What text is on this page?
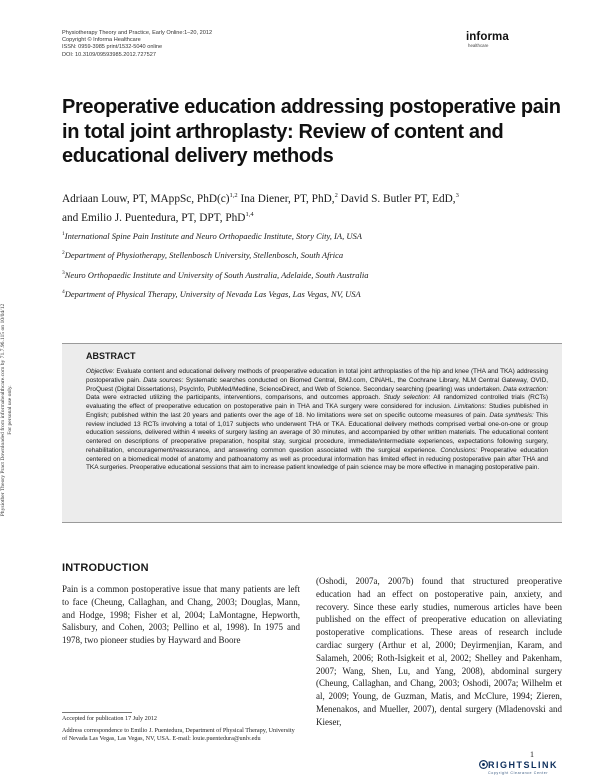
Physiotherapy Theory and Practice, Early Online:1–20, 2012
Copyright © Informa Healthcare
ISSN: 0959-3985 print/1532-5040 online
DOI: 10.3109/09593985.2012.727527
informa
healthcare
Preoperative education addressing postoperative pain in total joint arthroplasty: Review of content and educational delivery methods
Adriaan Louw, PT, MAppSc, $PhD(c)^{1,2}$ Ina Diener, PT, PhD,$^2$ David S. Butler PT, EdD,$^3$
and Emilio J. Puentedura, PT, DPT, PhD$^{1,4}$
$^1$International Spine Pain Institute and Neuro Orthopaedic Institute, Story City, IA, USA
$^2$Department of Physiotherapy, Stellenbosch University, Stellenbosch, South Africa
$^3$Neuro Orthopaedic Institute and University of South Australia, Adelaide, South Australia
$^4$Department of Physical Therapy, University of Nevada Las Vegas, Las Vegas, NV, USA
ABSTRACT

Objective: Evaluate content and educational delivery methods of preoperative education in total joint arthroplasties of the hip and knee (THA and TKA) addressing postoperative pain. Data sources: Systematic searches conducted on Biomed Central, BMJ.com, CINAHL, the Cochrane Library, NLM Central Gateway, OVID, ProQuest (Digital Dissertations), PsycInfo, PubMed/Medline, ScienceDirect, and Web of Science. Secondary searching (pearling) was undertaken. Data extraction: Data were extracted utilizing the participants, interventions, comparisons, and outcomes approach. Study selection: All randomized controlled trials (RCTs) evaluating the effect of preoperative education on postoperative pain in THA and TKA surgery were considered for inclusion. Limitations: Studies published in English; published within the last 20 years and patients over the age of 18. No limitations were set on specific outcome measures of pain. Data synthesis: This review included 13 RCTs involving a total of 1,017 subjects who underwent THA or TKA. Educational delivery methods comprised verbal one-on-one or group education sessions, delivered within 4 weeks of surgery lasting an average of 30 minutes, and accompanied by other written materials. The educational content centered on descriptions of preoperative preparation, hospital stay, surgical procedure, immediate/intermediate experiences, expectations following surgery, rehabilitation, encouragement/reassurance, and answering common question associated with the surgical experience. Conclusions: Preoperative education centered on a biomedical model of anatomy and pathoanatomy as well as procedural information has limited effect in reducing postoperative pain after THA and TKA surgeries. Preoperative educational sessions that aim to increase patient knowledge of pain science may be more effective in managing postoperative pain.

Physiother Theory Pract Downloaded from informahealthcare.com by 71.7.96.115 on 10/04/12 For personal use only.
INTRODUCTION

Pain is a common postoperative issue that many patients are left to face (Cheung, Callaghan, and Chang, 2003; Douglas, Mann, and Hodge, 1998; Fisher et al, 2004; LaMontagne, Hepworth, Salisbury, and Cohen, 2003; Pellino et al, 1998). In 1975 and 1978, two pioneer studies by Hayward and Boore

(Oshodi, 2007a, 2007b) found that structured preoperative education had an effect on postoperative pain, anxiety, and recovery. Since these early studies, numerous articles have been published on the effect of preoperative education on alleviating postoperative complications. These areas of research include cardiac surgery (Arthur et al, 2000; Deyirmenjian, Karam, and Salameh, 2006; Roth-Isigkeit et al, 2002; Shelley and Pakenham, 2007; Wang, Shen, Lu, and Yang, 2008), abdominal surgery (Cheung, Callaghan, and Chang, 2003; Oshodi, 2007a; Wilhelm et al, 2009; Young, de Guzman, Matis, and McClure, 1994; Zieren, Menenakos, and Mueller, 2007), dental surgery (Mladenovski and Kieser,

Accepted for publication 17 July 2012
Address correspondence to Emilio J. Puentedura, Department of Physical Therapy, University of Nevada Las Vegas, Las Vegas, NV, USA. E-mail: louie.puentedura@unlv.edu
1
RIGHTSLINK
Copyright Clearance Center
